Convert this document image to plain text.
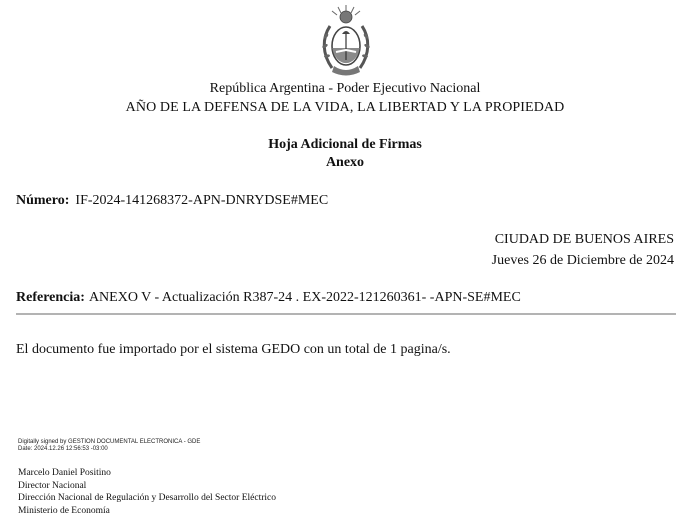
República Argentina - Poder Ejecutivo Nacional
AÑO DE LA DEFENSA DE LA VIDA, LA LIBERTAD Y LA PROPIEDAD
Hoja Adicional de Firmas
Anexo
Número: IF-2024-141268372-APN-DNRYDSE#MEC
CIUDAD DE BUENOS AIRES
Jueves 26 de Diciembre de 2024
Referencia: ANEXO V - Actualización R387-24 . EX-2022-121260361- -APN-SE#MEC
El documento fue importado por el sistema GEDO con un total de 1 pagina/s.
Digitally signed by GESTION DOCUMENTAL ELECTRONICA - GDE
Date: 2024.12.26 12:56:53 -03:00
Marcelo Daniel Positino
Director Nacional
Dirección Nacional de Regulación y Desarrollo del Sector Eléctrico
Ministerio de Economía
